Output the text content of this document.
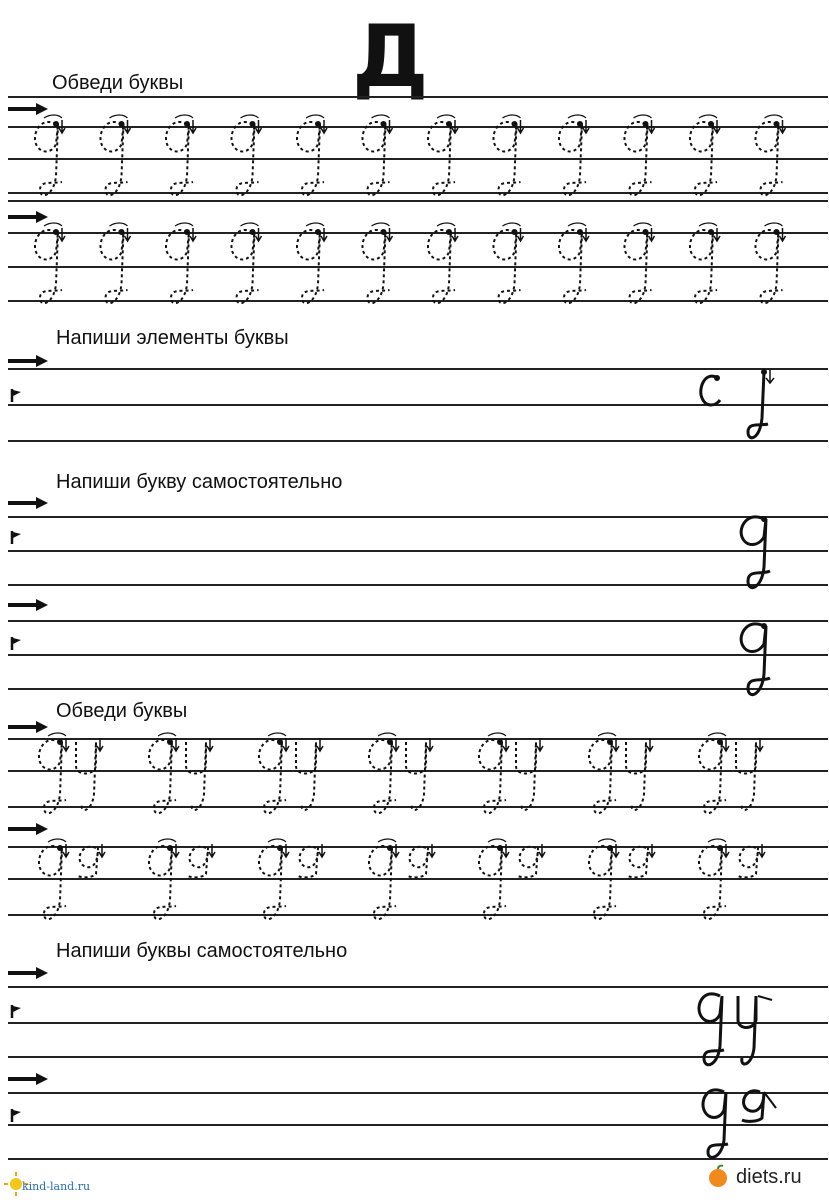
Д
Обведи буквы
Напиши элементы буквы
Напиши букву самостоятельно
Обведи буквы
Напиши буквы самостоятельно
kind-land.ru	diets.ru
